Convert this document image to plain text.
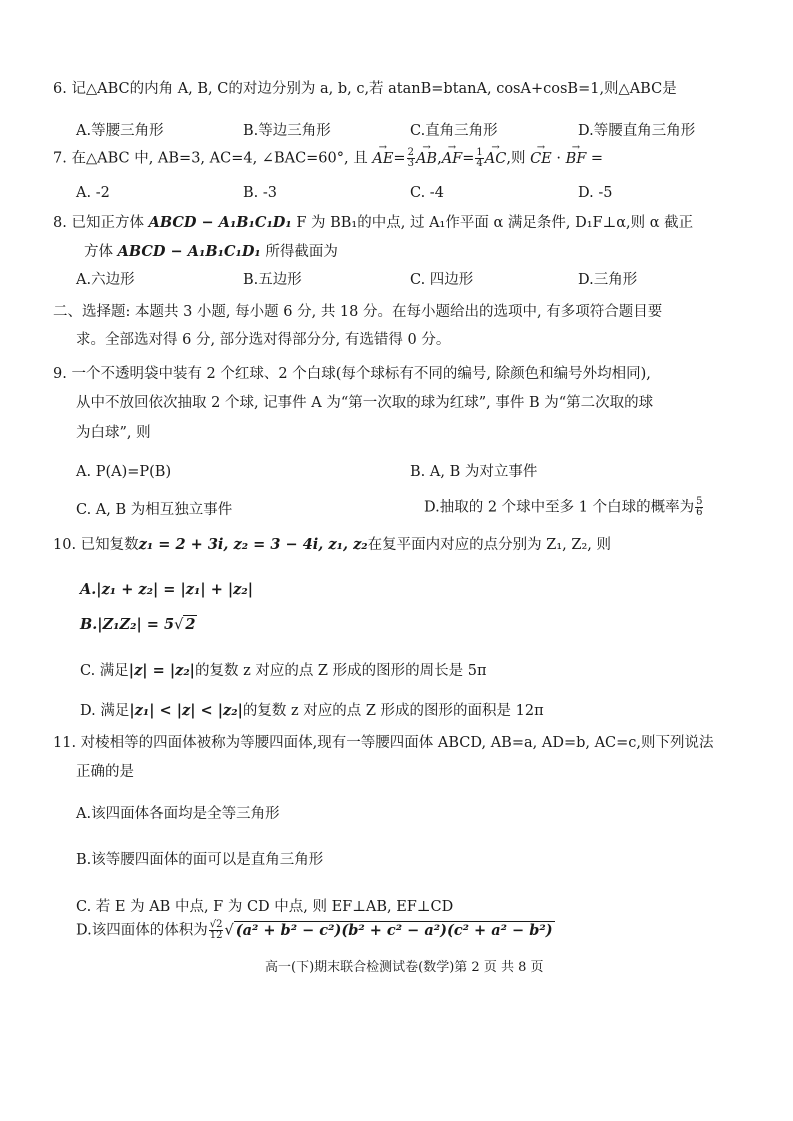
6. 记△ABC的内角 A, B, C的对边分别为 a, b, c,若 atanB=btanA, cosA+cosB=1,则△ABC是
A.等腰三角形	B.等边三角形	C.直角三角形	D.等腰直角三角形
7. 在△ABC 中, AB=3, AC=4, ∠BAC=60°, 且 → $AE= \frac{2}{3}$
→ $AB,\to AF= \frac{1}{4}$
→ AC,则 → CE · → BF =
A. -2	B. -3	C. -4	D. -5
8. 已知正方体 ABCD − A₁B₁C₁D₁ F 为 BB₁的中点, 过 A₁作平面 α 满足条件, D₁F⊥α,则 α 截正
方体 ABCD − A₁B₁C₁D₁ 所得截面为
A.六边形	B.五边形	C. 四边形	D.三角形
二、选择题: 本题共 3 小题, 每小题 6 分, 共 18 分。在每小题给出的选项中, 有多项符合题目要
求。全部选对得 6 分, 部分选对得部分分, 有选错得 0 分。
9. 一个不透明袋中装有 2 个红球、2 个白球(每个球标有不同的编号, 除颜色和编号外均相同),
从中不放回依次抽取 2 个球, 记事件 A 为“第一次取的球为红球”, 事件 B 为“第二次取的球
为白球”, 则
A. P(A)=P(B)	B. A, B 为对立事件
C. A, B 为相互独立事件	D.抽取的 2 个球中至多 1 个白球的概率为 $\frac{5}{6}$
10. 已知复数z₁ = 2 + 3i, z₂ = 3 − 4i, z₁, z₂在复平面内对应的点分别为 Z₁, Z₂, 则
A.|z₁ + z₂| = |z₁| + |z₂|
B.|Z₁Z₂| = 5√ 2
C. 满足|z| = |z₂|的复数 z 对应的点 Z 形成的图形的周长是 5π
D. 满足|z₁| < |z| < |z₂|的复数 z 对应的点 Z 形成的图形的面积是 12π
11. 对棱相等的四面体被称为等腰四面体,现有一等腰四面体 ABCD, AB=a, AD=b, AC=c,则下列说法
正确的是
A.该四面体各面均是全等三角形
B.该等腰四面体的面可以是直角三角形
C. 若 E 为 AB 中点, F 为 CD 中点, 则 EF⊥AB, EF⊥CD
D.该四面体的体积为 $\frac{√2}{12}$ √ (a² + b² − c²)(b² + c² − a²)(c² + a² − b²)
高一(下)期末联合检测试卷(数学)第 2 页 共 8 页
